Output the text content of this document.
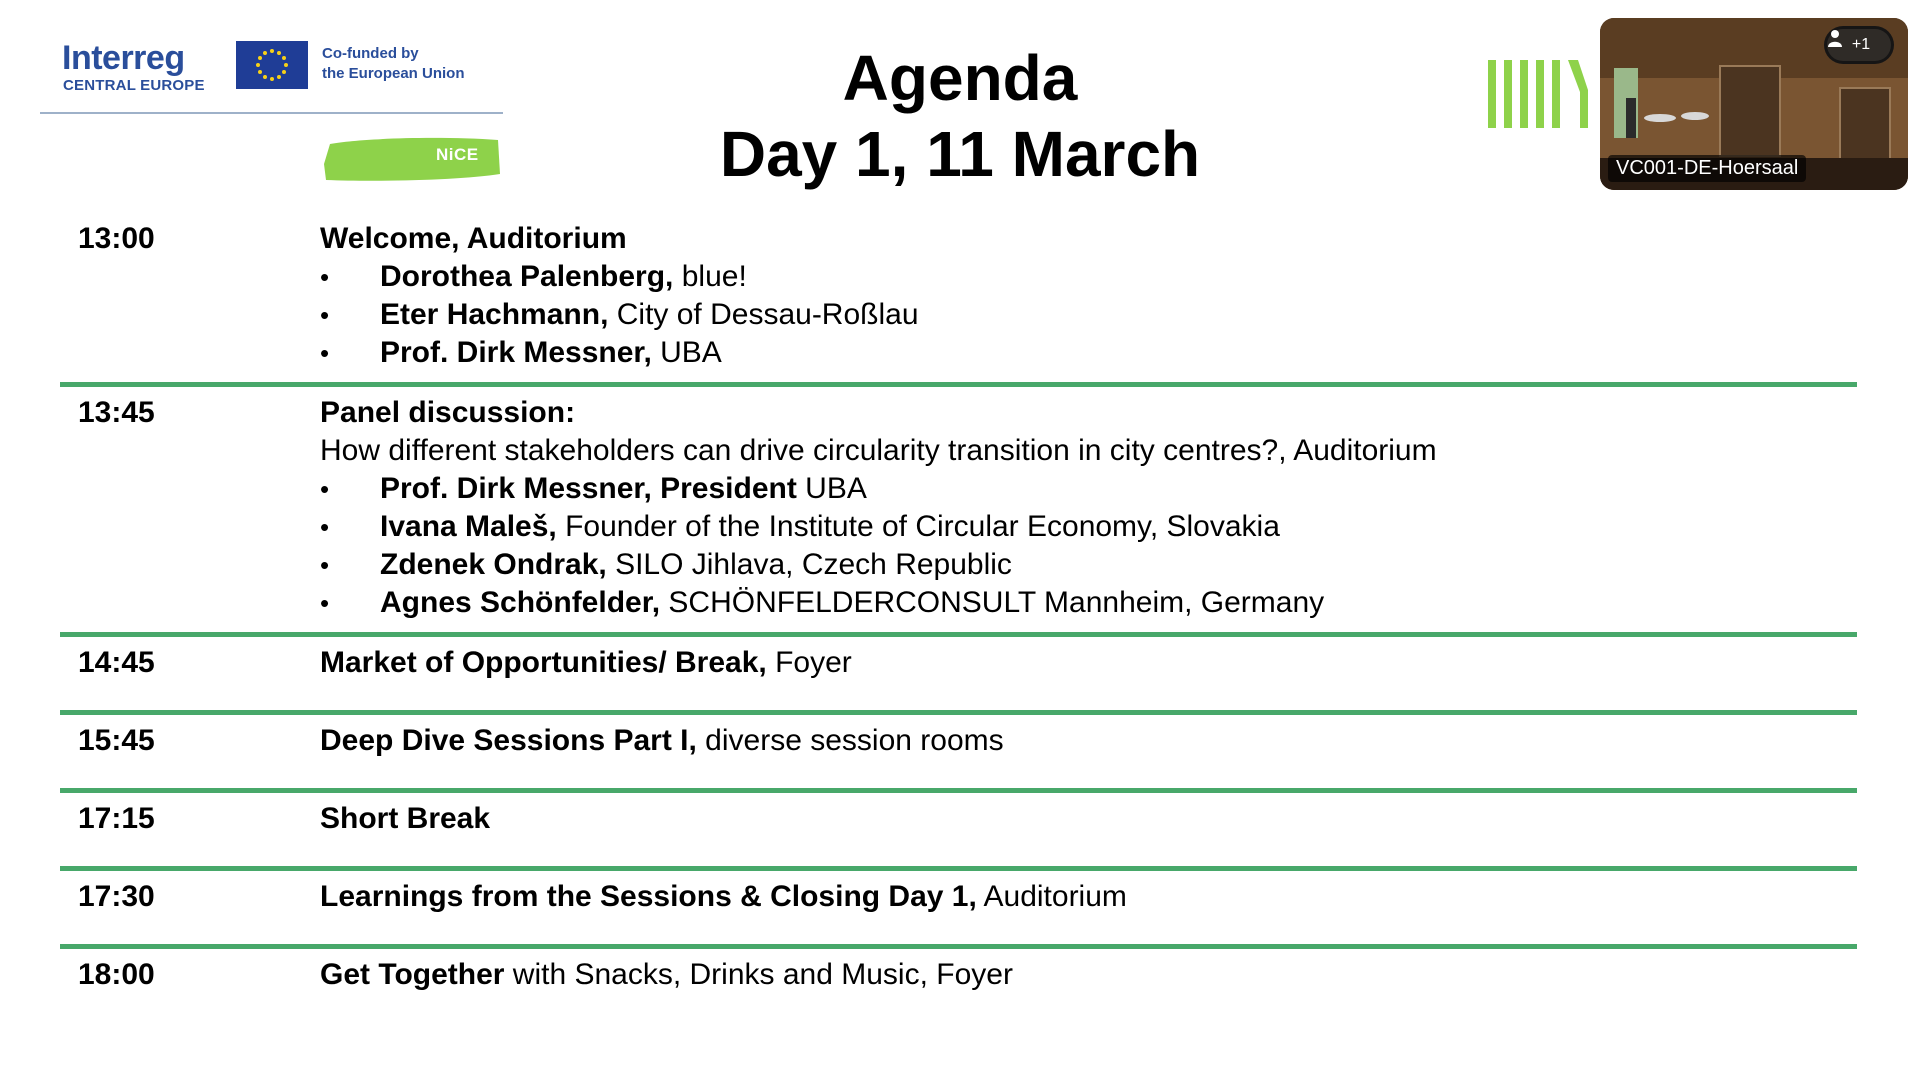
Interreg
CENTRAL EUROPE
Co-funded by
the European Union
NiCE
Agenda
Day 1, 11 March
+1
VC001-DE-Hoersaal
13:00	Welcome, Auditorium
• Dorothea Palenberg, blue!
• Eter Hachmann, City of Dessau-Roßlau
• Prof. Dirk Messner, UBA
13:45	Panel discussion:
How different stakeholders can drive circularity transition in city centres?, Auditorium
• Prof. Dirk Messner, President UBA
• Ivana Maleš, Founder of the Institute of Circular Economy, Slovakia
• Zdenek Ondrak, SILO Jihlava, Czech Republic
• Agnes Schönfelder, SCHÖNFELDERCONSULT Mannheim, Germany
14:45	Market of Opportunities/ Break, Foyer
15:45	Deep Dive Sessions Part I, diverse session rooms
17:15	Short Break
17:30	Learnings from the Sessions & Closing Day 1, Auditorium
18:00	Get Together with Snacks, Drinks and Music, Foyer
